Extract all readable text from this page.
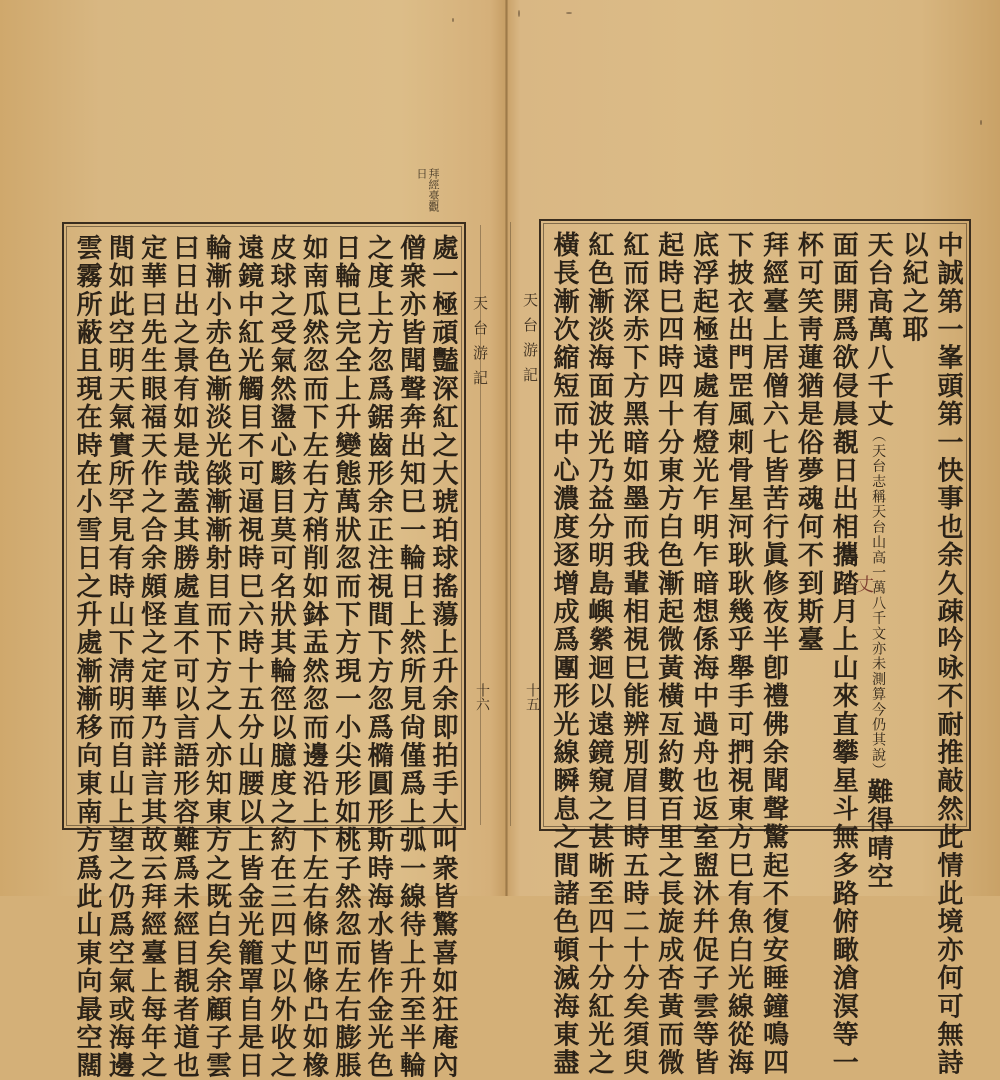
拜經臺觀 日
處一極頑豔深紅之大琥珀球搖蕩上升余即拍手大叫衆皆驚喜如狂庵內
僧衆亦皆聞聲奔出知巳一輪日上然所見尙僅爲上弧一線待上升至半輪
之度上方忽爲鋸齒形余正注視間下方忽爲橢圓形斯時海水皆作金光色
日輪巳完全上升變態萬狀忽而下方現一小尖形如桃子然忽而左右膨脹
如南瓜然忽而下左右方稍削如鉢盂然忽而邊沿上下左右條凹條凸如橡
皮球之受氣然盪心駭目莫可名狀其輪徑以臆度之約在三四丈以外收之
遠鏡中紅光觸目不可逼視時巳六時十五分山腰以上皆金光籠罩自是日
輪漸小赤色漸淡光燄漸漸射目而下方之人亦知東方之既白矣余顧子雲
曰日出之景有如是哉蓋其勝處直不可以言語形容難爲未經目覩者道也
定華曰先生眼福天作之合余頗怪之定華乃詳言其故云拜經臺上每年之
間如此空明天氣實所罕見有時山下淸明而自山上望之仍爲空氣或海邊
雲霧所蔽且現在時在小雪日之升處漸漸移向東南方爲此山東向最空闊	天台游記
十六
天台游記
十五	中誠第一峯頭第一快事也余久疎吟咏不耐推敲然此情此境亦何可無詩
以紀之耶
天台高萬八千丈（天台志稱天台山高一萬八千文亦未測算今仍其說）難得晴空
面面開爲欲侵晨覩日出相攜踏月上山來直攀星斗無多路俯瞰滄溟等一
杯可笑靑蓮猶是俗夢魂何不到斯臺
拜經臺上居僧六七皆苦行眞修夜半卽禮佛余聞聲驚起不復安睡鐘鳴四
下披衣出門罡風刺骨星河耿耿幾乎舉手可捫視東方巳有魚白光線從海
底浮起極遠處有燈光乍明乍暗想係海中過舟也返室盥沐幷促子雲等皆
起時巳四時四十分東方白色漸起微黃橫亙約數百里之長旋成杏黃而微
紅而深赤下方黑暗如墨而我輩相視巳能辨別眉目時五時二十分矣須臾
紅色漸淡海面波光乃益分明島嶼縈迴以遠鏡窺之甚晰至四十分紅光之
橫長漸次縮短而中心濃度逐增成爲團形光線瞬息之間諸色頓滅海東盡	丈
